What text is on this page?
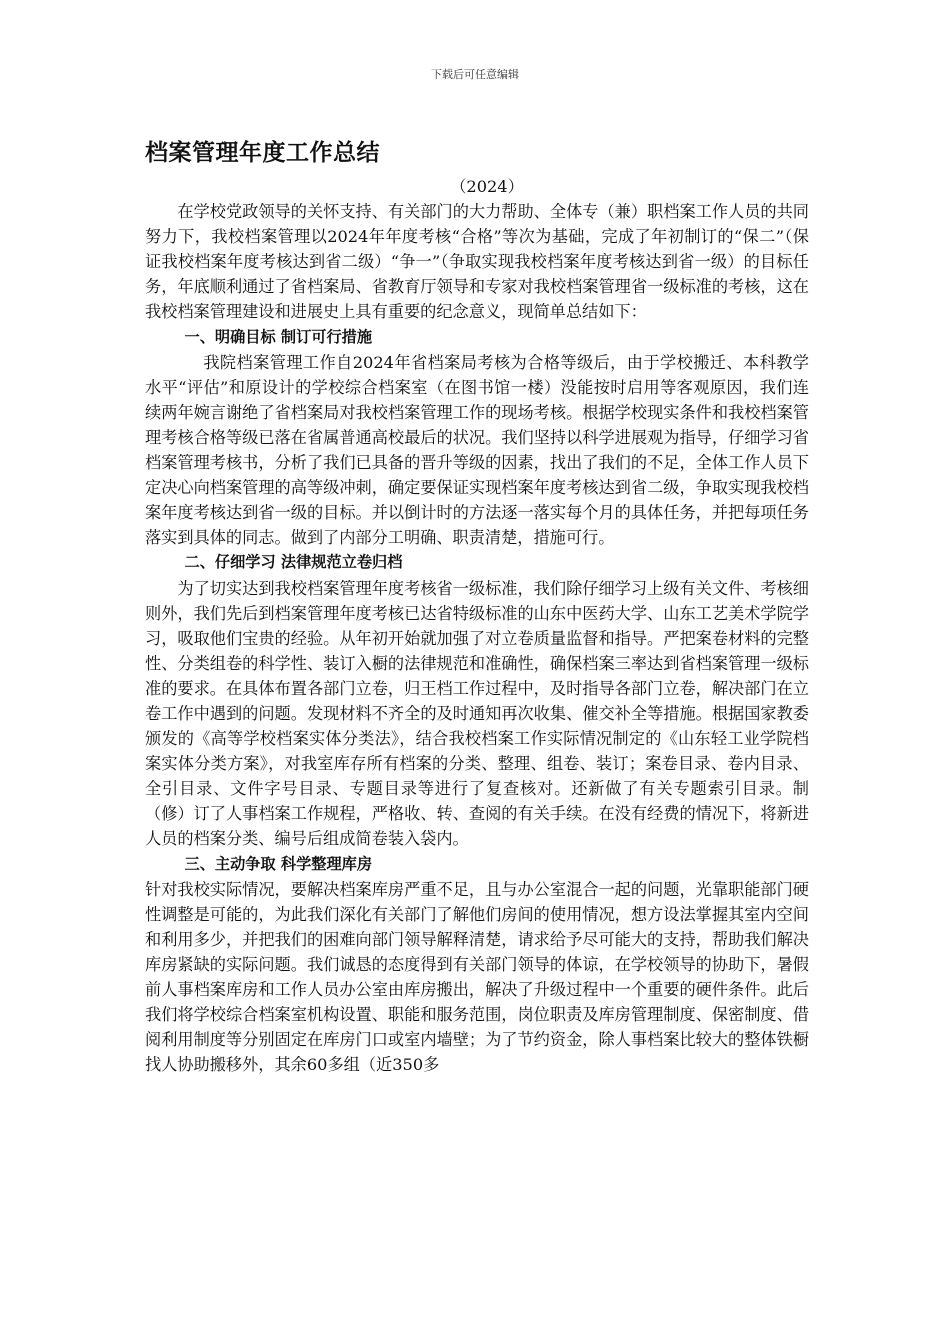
下载后可任意编辑
档案管理年度工作总结

（2024）

在学校党政领导的关怀支持、有关部门的大力帮助、全体专（兼）职档案工作人员的共同努力下，我校档案管理以2024年年度考核“合格”等次为基础，完成了年初制订的“保二”（保证我校档案年度考核达到省二级）“争一”（争取实现我校档案年度考核达到省一级）的目标任务，年底顺利通过了省档案局、省教育厅领导和专家对我校档案管理省一级标准的考核，这在我校档案管理建设和进展史上具有重要的纪念意义，现简单总结如下：

一、明确目标 制订可行措施

我院档案管理工作自2024年省档案局考核为合格等级后，由于学校搬迁、本科教学水平“评估”和原设计的学校综合档案室（在图书馆一楼）没能按时启用等客观原因，我们连续两年婉言谢绝了省档案局对我校档案管理工作的现场考核。根据学校现实条件和我校档案管理考核合格等级已落在省属普通高校最后的状况。我们坚持以科学进展观为指导，仔细学习省档案管理考核书，分析了我们已具备的晋升等级的因素，找出了我们的不足，全体工作人员下定决心向档案管理的高等级冲刺，确定要保证实现档案年度考核达到省二级，争取实现我校档案年度考核达到省一级的目标。并以倒计时的方法逐一落实每个月的具体任务，并把每项任务落实到具体的同志。做到了内部分工明确、职责清楚，措施可行。

二、仔细学习 法律规范立卷归档

为了切实达到我校档案管理年度考核省一级标准，我们除仔细学习上级有关文件、考核细则外，我们先后到档案管理年度考核已达省特级标准的山东中医药大学、山东工艺美术学院学习，吸取他们宝贵的经验。从年初开始就加强了对立卷质量监督和指导。严把案卷材料的完整性、分类组卷的科学性、装订入橱的法律规范和准确性，确保档案三率达到省档案管理一级标准的要求。在具体布置各部门立卷，归王档工作过程中，及时指导各部门立卷，解决部门在立卷工作中遇到的问题。发现材料不齐全的及时通知再次收集、催交补全等措施。根据国家教委颁发的《高等学校档案实体分类法》，结合我校档案工作实际情况制定的《山东轻工业学院档案实体分类方案》，对我室库存所有档案的分类、整理、组卷、装订；案卷目录、卷内目录、全引目录、文件字号目录、专题目录等进行了复查核对。还新做了有关专题索引目录。制（修）订了人事档案工作规程，严格收、转、查阅的有关手续。在没有经费的情况下，将新进人员的档案分类、编号后组成简卷装入袋内。

三、主动争取 科学整理库房

针对我校实际情况，要解决档案库房严重不足，且与办公室混合一起的问题，光靠职能部门硬性调整是可能的，为此我们深化有关部门了解他们房间的使用情况，想方设法掌握其室内空间和利用多少，并把我们的困难向部门领导解释清楚，请求给予尽可能大的支持，帮助我们解决库房紧缺的实际问题。我们诚恳的态度得到有关部门领导的体谅，在学校领导的协助下，暑假前人事档案库房和工作人员办公室由库房搬出，解决了升级过程中一个重要的硬件条件。此后我们将学校综合档案室机构设置、职能和服务范围，岗位职责及库房管理制度、保密制度、借阅利用制度等分别固定在库房门口或室内墙壁；为了节约资金，除人事档案比较大的整体铁橱找人协助搬移外，其余60多组（近350多
